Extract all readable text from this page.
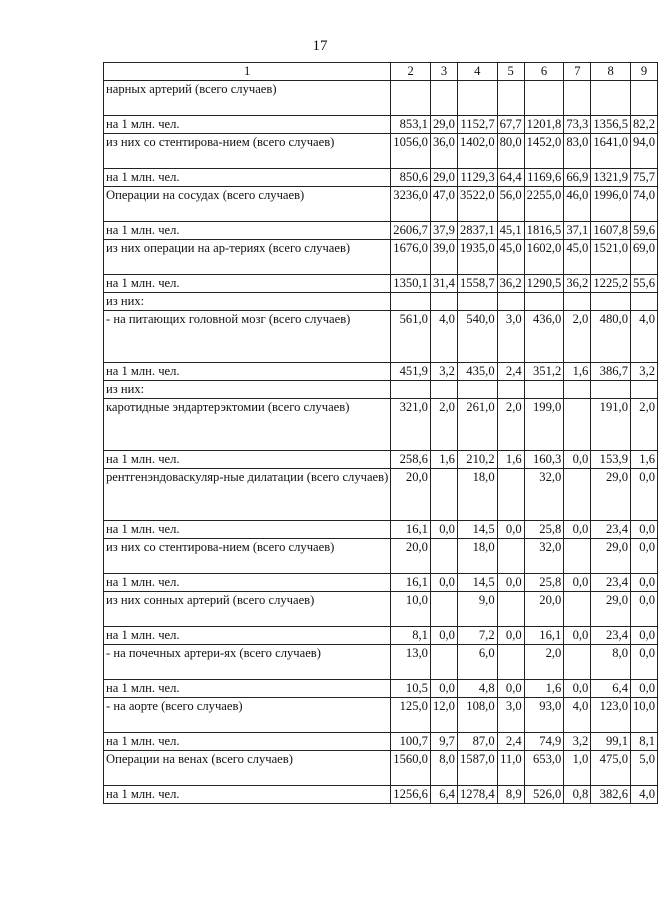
17
1	2	3	4	5	6	7	8	9
нарных артерий (всего случаев)								
на 1 млн. чел.	853,1	29,0	1152,7	67,7	1201,8	73,3	1356,5	82,2
из них со стентирова-нием (всего случаев)	1056,0	36,0	1402,0	80,0	1452,0	83,0	1641,0	94,0
на 1 млн. чел.	850,6	29,0	1129,3	64,4	1169,6	66,9	1321,9	75,7
Операции на сосудах (всего случаев)	3236,0	47,0	3522,0	56,0	2255,0	46,0	1996,0	74,0
на 1 млн. чел.	2606,7	37,9	2837,1	45,1	1816,5	37,1	1607,8	59,6
из них операции на ар-териях (всего случаев)	1676,0	39,0	1935,0	45,0	1602,0	45,0	1521,0	69,0
на 1 млн. чел.	1350,1	31,4	1558,7	36,2	1290,5	36,2	1225,2	55,6
из них:								
- на питающих головной мозг (всего случаев)	561,0	4,0	540,0	3,0	436,0	2,0	480,0	4,0
на 1 млн. чел.	451,9	3,2	435,0	2,4	351,2	1,6	386,7	3,2
из них:								
каротидные эндартерэктомии (всего случаев)	321,0	2,0	261,0	2,0	199,0		191,0	2,0
на 1 млн. чел.	258,6	1,6	210,2	1,6	160,3	0,0	153,9	1,6
рентгенэндоваскуляр-ные дилатации (всего случаев)	20,0		18,0		32,0		29,0	0,0
на 1 млн. чел.	16,1	0,0	14,5	0,0	25,8	0,0	23,4	0,0
из них со стентирова-нием (всего случаев)	20,0		18,0		32,0		29,0	0,0
на 1 млн. чел.	16,1	0,0	14,5	0,0	25,8	0,0	23,4	0,0
из них сонных артерий (всего случаев)	10,0		9,0		20,0		29,0	0,0
на 1 млн. чел.	8,1	0,0	7,2	0,0	16,1	0,0	23,4	0,0
- на почечных артери-ях (всего случаев)	13,0		6,0		2,0		8,0	0,0
на 1 млн. чел.	10,5	0,0	4,8	0,0	1,6	0,0	6,4	0,0
- на аорте (всего случаев)	125,0	12,0	108,0	3,0	93,0	4,0	123,0	10,0
на 1 млн. чел.	100,7	9,7	87,0	2,4	74,9	3,2	99,1	8,1
Операции на венах (всего случаев)	1560,0	8,0	1587,0	11,0	653,0	1,0	475,0	5,0
на 1 млн. чел.	1256,6	6,4	1278,4	8,9	526,0	0,8	382,6	4,0
